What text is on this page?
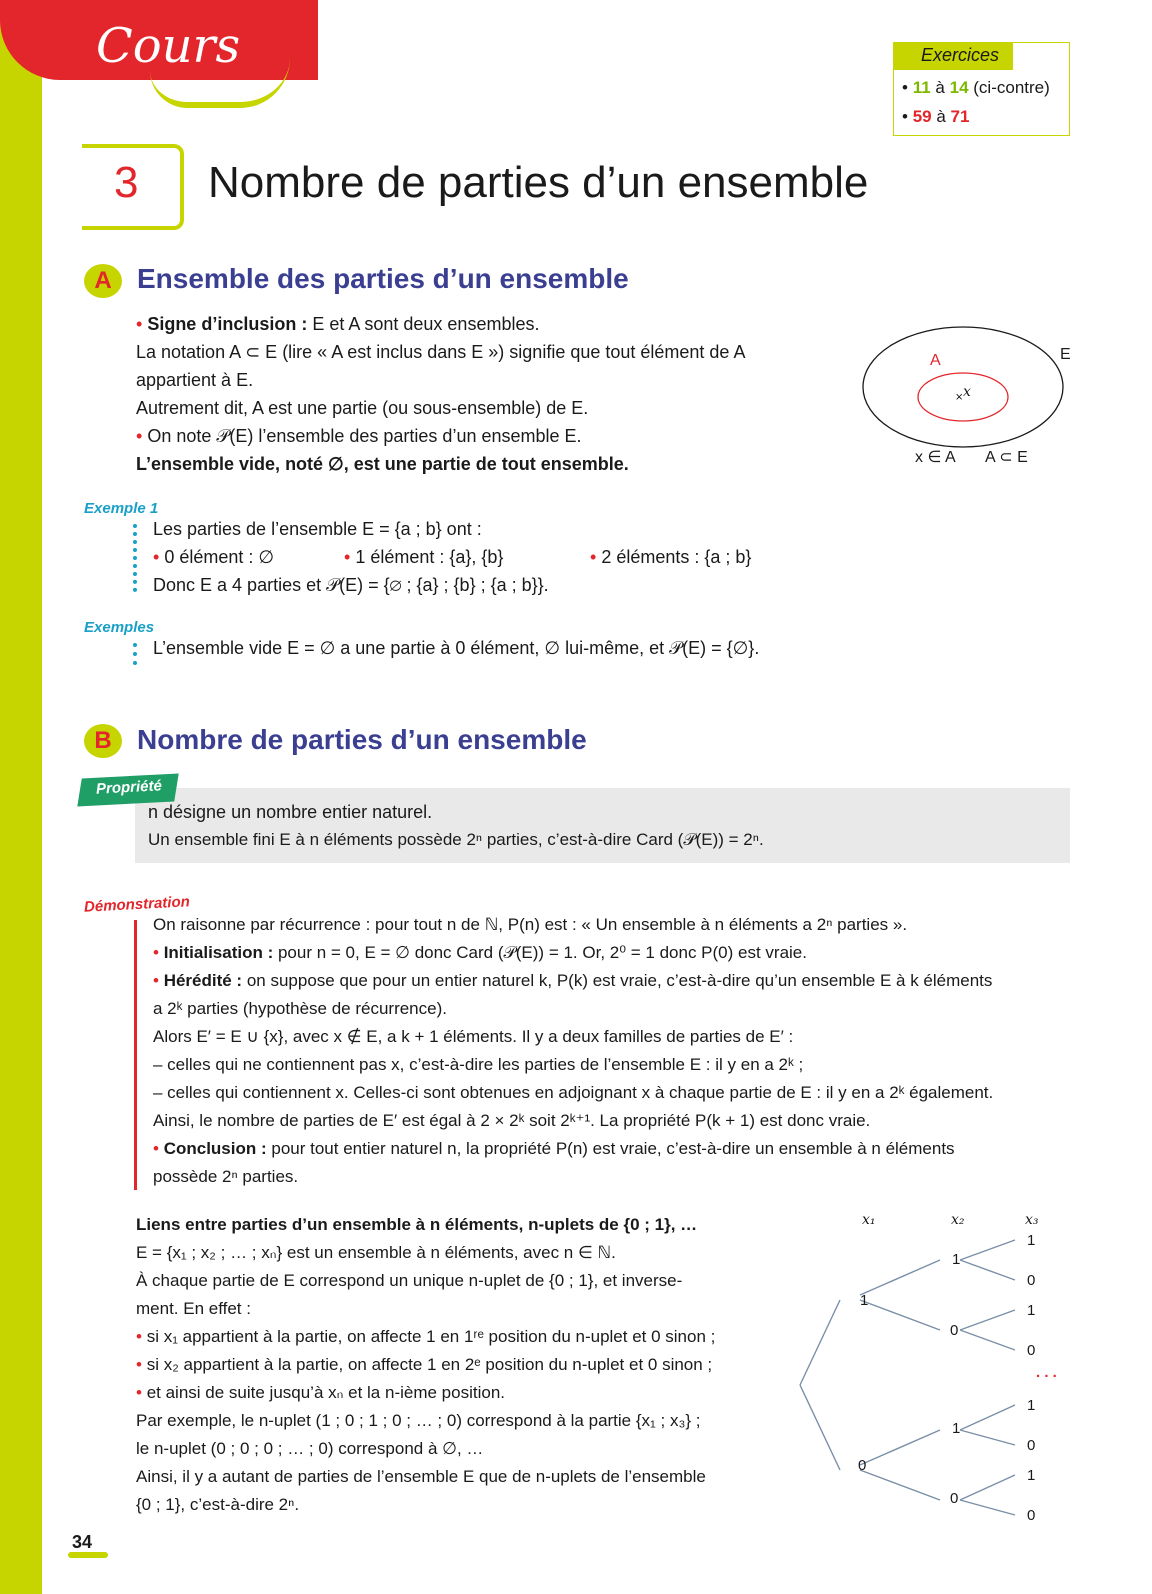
Cours	Exercices
• 11 à 14 (ci-contre)
• 59 à 71
3 Nombre de parties d’un ensemble
A Ensemble des parties d’un ensemble
• Signe d’inclusion : E et A sont deux ensembles.
La notation A ⊂ E (lire « A est inclus dans E ») signifie que tout élément de A
appartient à E.
Autrement dit, A est une partie (ou sous-ensemble) de E.
• On note 𝒫(E) l’ensemble des parties d’un ensemble E.
L’ensemble vide, noté ∅, est une partie de tout ensemble.
×
A	E
x
x ∈ A A ⊂ E
Exemple 1
Les parties de l’ensemble E = {a ; b} ont :
• 0 élément : ∅	• 1 élément : {a}, {b}	• 2 éléments : {a ; b}
Donc E a 4 parties et 𝒫(E) = {∅ ; {a} ; {b} ; {a ; b}}.
Exemples
L’ensemble vide E = ∅ a une partie à 0 élément, ∅ lui-même, et 𝒫(E) = {∅}.
B Nombre de parties d’un ensemble
Propriété
n désigne un nombre entier naturel.
Un ensemble fini E à n éléments possède 2ⁿ parties, c’est-à-dire Card (𝒫(E)) = 2ⁿ.
Démonstration
On raisonne par récurrence : pour tout n de ℕ, P(n) est : « Un ensemble à n éléments a 2ⁿ parties ».
• Initialisation : pour n = 0, E = ∅ donc Card (𝒫(E)) = 1. Or, 2⁰ = 1 donc P(0) est vraie.
• Hérédité : on suppose que pour un entier naturel k, P(k) est vraie, c’est-à-dire qu’un ensemble E à k éléments
a 2ᵏ parties (hypothèse de récurrence).
Alors E′ = E ∪ {x}, avec x ∉ E, a k + 1 éléments. Il y a deux familles de parties de E′ :
– celles qui ne contiennent pas x, c’est-à-dire les parties de l’ensemble E : il y en a 2ᵏ ;
– celles qui contiennent x. Celles-ci sont obtenues en adjoignant x à chaque partie de E : il y en a 2ᵏ également.
Ainsi, le nombre de parties de E′ est égal à 2 × 2ᵏ soit 2ᵏ⁺¹. La propriété P(k + 1) est donc vraie.
• Conclusion : pour tout entier naturel n, la propriété P(n) est vraie, c’est-à-dire un ensemble à n éléments
possède 2ⁿ parties.
Liens entre parties d’un ensemble à n éléments, n-uplets de {0 ; 1}, …
E = {x₁ ; x₂ ; … ; xₙ} est un ensemble à n éléments, avec n ∈ ℕ.
À chaque partie de E correspond un unique n-uplet de {0 ; 1}, et inverse-
ment. En effet :
• si x₁ appartient à la partie, on affecte 1 en 1ʳᵉ position du n-uplet et 0 sinon ;
• si x₂ appartient à la partie, on affecte 1 en 2ᵉ position du n-uplet et 0 sinon ;
• et ainsi de suite jusqu’à xₙ et la n-ième position.
Par exemple, le n-uplet (1 ; 0 ; 1 ; 0 ; … ; 0) correspond à la partie {x₁ ; x₃} ;
le n-uplet (0 ; 0 ; 0 ; … ; 0) correspond à ∅, …
Ainsi, il y a autant de parties de l’ensemble E que de n-uplets de l’ensemble
{0 ; 1}, c’est-à-dire 2ⁿ.
x₁	x₂	x₃
1
0
1
0
1
0
1
0
1
0
. . .
1
0
1
0
34
